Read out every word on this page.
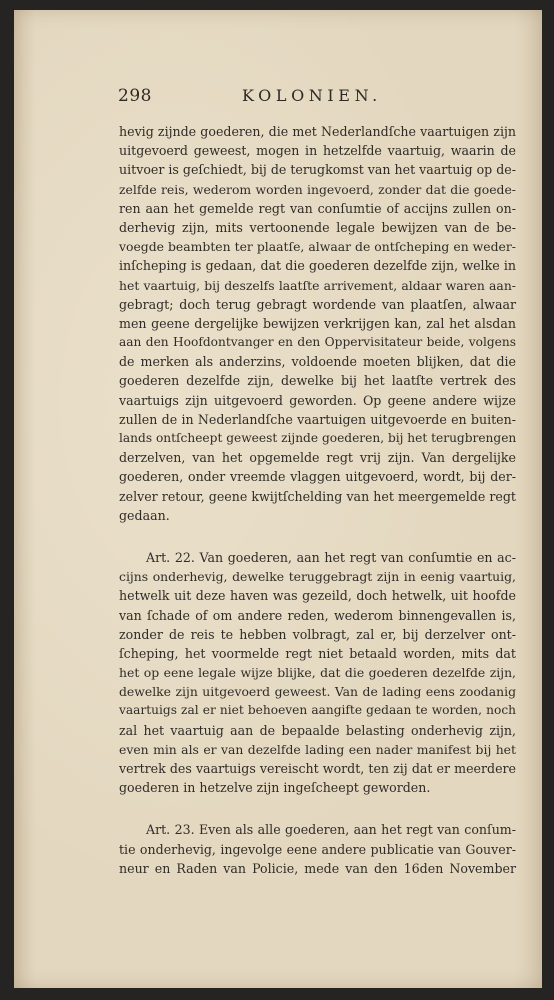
298	KOLONIEN.
hevig zijnde goederen, die met Nederlandſche vaartuigen zijn
uitgevoerd geweest, mogen in hetzelfde vaartuig, waarin de
uitvoer is geſchiedt, bij de terugkomst van het vaartuig op de-
zelfde reis, wederom worden ingevoerd, zonder dat die goede-
ren aan het gemelde regt van conſumtie of accijns zullen on-
derhevig zijn, mits vertoonende legale bewijzen van de be-
voegde beambten ter plaatſe, alwaar de ontſcheping en weder-
inſcheping is gedaan, dat die goederen dezelfde zijn, welke in
het vaartuig, bij deszelfs laatſte arrivement, aldaar waren aan-
gebragt; doch terug gebragt wordende van plaatſen, alwaar
men geene dergelijke bewijzen verkrijgen kan, zal het alsdan
aan den Hoofdontvanger en den Oppervisitateur beide, volgens
de merken als anderzins, voldoende moeten blijken, dat die
goederen dezelfde zijn, dewelke bij het laatſte vertrek des
vaartuigs zijn uitgevoerd geworden. Op geene andere wijze
zullen de in Nederlandſche vaartuigen uitgevoerde en buiten-
lands ontſcheept geweest zijnde goederen, bij het terugbrengen
derzelven, van het opgemelde regt vrij zijn. Van dergelijke
goederen, onder vreemde vlaggen uitgevoerd, wordt, bij der-
zelver retour, geene kwijtſchelding van het meergemelde regt
gedaan.
Art. 22. Van goederen, aan het regt van conſumtie en ac-
cijns onderhevig, dewelke teruggebragt zijn in eenig vaartuig,
hetwelk uit deze haven was gezeild, doch hetwelk, uit hoofde
van ſchade of om andere reden, wederom binnengevallen is,
zonder de reis te hebben volbragt, zal er, bij derzelver ont-
ſcheping, het voormelde regt niet betaald worden, mits dat
het op eene legale wijze blijke, dat die goederen dezelfde zijn,
dewelke zijn uitgevoerd geweest. Van de lading eens zoodanig
vaartuigs zal er niet behoeven aangifte gedaan te worden, noch
zal het vaartuig aan de bepaalde belasting onderhevig zijn,
even min als er van dezelfde lading een nader manifest bij het
vertrek des vaartuigs vereischt wordt, ten zij dat er meerdere
goederen in hetzelve zijn ingeſcheept geworden.
Art. 23. Even als alle goederen, aan het regt van conſum-
tie onderhevig, ingevolge eene andere publicatie van Gouver-
neur en Raden van Policie, mede van den 16den November
